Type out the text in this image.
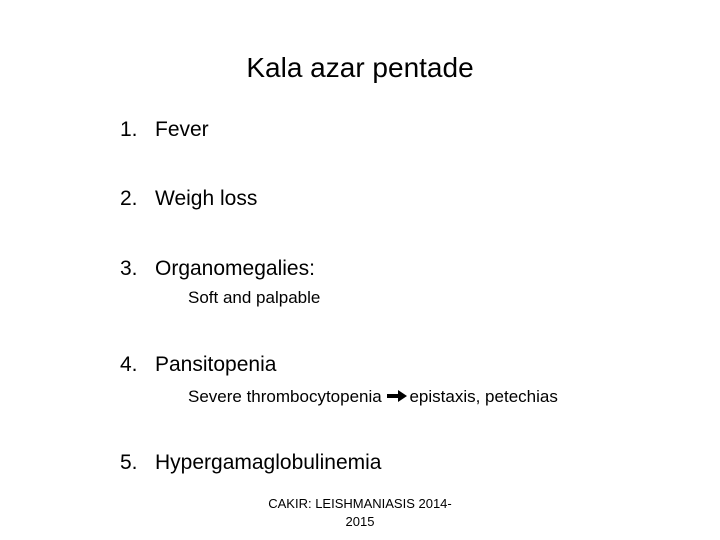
Kala azar pentade
1. Fever
2. Weigh loss
3. Organomegalies:
Soft and palpable
4. Pansitopenia
Severe thrombocytopenia epistaxis, petechias
5. Hypergamaglobulinemia
CAKIR: LEISHMANIASIS 2014-
2015
